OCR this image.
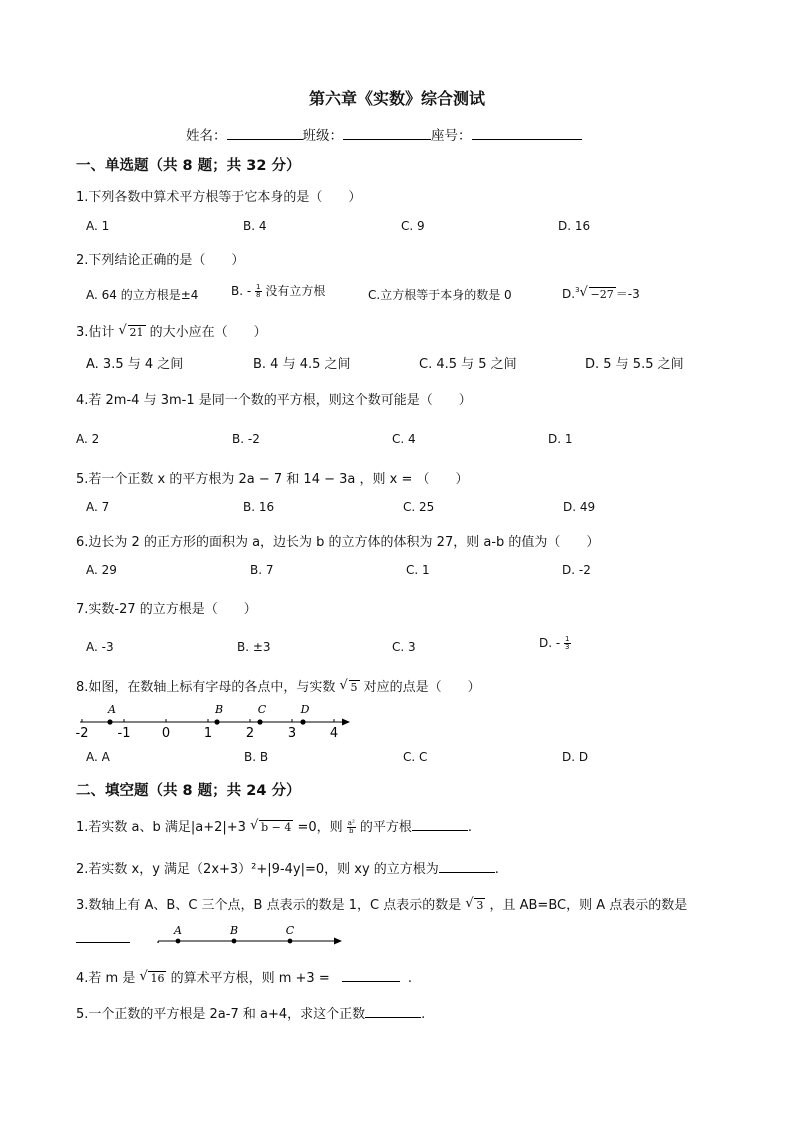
第六章《实数》综合测试
姓名：	班级：	座号：
一、单选题（共 8 题；共 32 分）
1.下列各数中算术平方根等于它本身的是（　　）
A. 1	B. 4	C. 9	D. 16
2.下列结论正确的是（　　）
A. 64 的立方根是±4	B. - $\frac{1}{8}$ 没有立方根	C.立方根等于本身的数是 0	D.$^3$ √ −27 ＝-3
3.估计 √ 21 的大小应在（　　）
A. 3.5 与 4 之间	B. 4 与 4.5 之间	C. 4.5 与 5 之间	D. 5 与 5.5 之间
4.若 2m-4 与 3m-1 是同一个数的平方根，则这个数可能是（　　）
A. 2	B. -2	C. 4	D. 1
5.若一个正数 x 的平方根为 2a − 7 和 14 − 3a ，则 x = （　　）
A. 7	B. 16	C. 25	D. 49
6.边长为 2 的正方形的面积为 a，边长为 b 的立方体的体积为 27，则 a-b 的值为（　　）
A. 29	B. 7	C. 1	D. -2
7.实数-27 的立方根是（　　）
A. -3	B. ±3	C. 3	D. - $\frac{1}{3}$
8.如图，在数轴上标有字母的各点中，与实数 √ 5 对应的点是（　　）
-2 -1 0	1	2	3	4
A	B	C	D
A. A	B. B	C. C	D. D
二、填空题（共 8 题；共 24 分）
1.若实数 a、b 满足|a+2|+3 √ b − 4 =0，则 $\frac{\text{a²}}{b}$ 的平方根	.
2.若实数 x，y 满足（2x+3）²+|9-4y|=0，则 xy 的立方根为	.
3.数轴上有 A、B、C 三个点，B 点表示的数是 1，C 点表示的数是 √ 3 ，且 AB=BC，则 A 点表示的数是
.
A	B	C
4.若 m 是 √ 16 的算术平方根，则 m +3 =	.
5.一个正数的平方根是 2a-7 和 a+4，求这个正数	.
